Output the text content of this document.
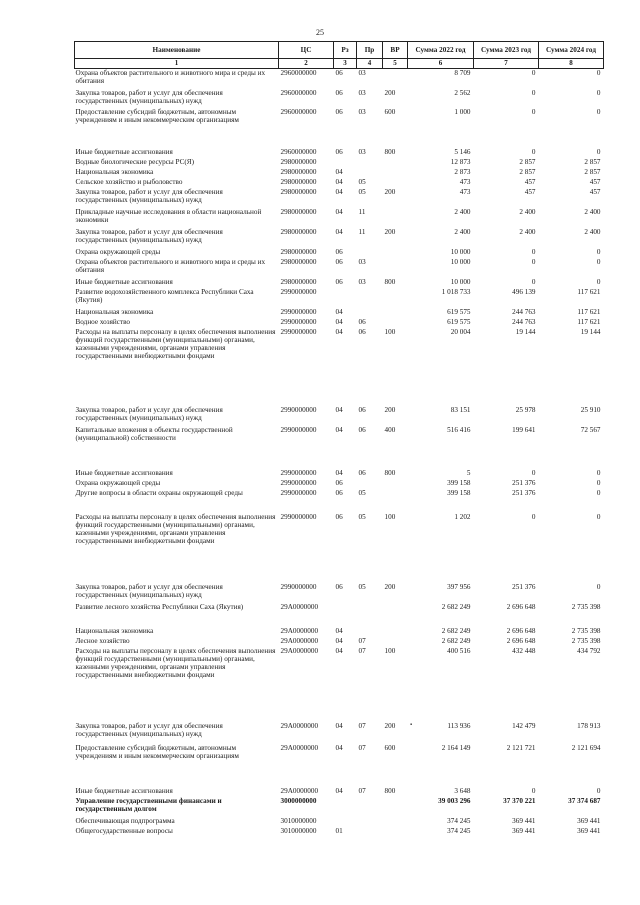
25
Наименование	ЦС	Рз	Пр	ВР	Сумма 2022 год	Сумма 2023 год	Сумма 2024 год
1	2	3	4	5	6	7	8
Охрана объектов растительного и животного мира и среды их обитания	2960000000	06	03		8 709	0	0
Закупка товаров, работ и услуг для обеспечения государственных (муниципальных) нужд	2960000000	06	03	200	2 562	0	0
Предоставление субсидий бюджетным, автономным учреждениям и иным некоммерческим организациям	2960000000	06	03	600	1 000	0	0
Иные бюджетные ассигнования	2960000000	06	03	800	5 146	0	0
Водные биологические ресурсы РС(Я)	2980000000				12 873	2 857	2 857
Национальная экономика	2980000000	04			2 873	2 857	2 857
Сельское хозяйство и рыболовство	2980000000	04	05		473	457	457
Закупка товаров, работ и услуг для обеспечения государственных (муниципальных) нужд	2980000000	04	05	200	473	457	457
Прикладные научные исследования в области национальной экономики	2980000000	04	11		2 400	2 400	2 400
Закупка товаров, работ и услуг для обеспечения государственных (муниципальных) нужд	2980000000	04	11	200	2 400	2 400	2 400
Охрана окружающей среды	2980000000	06			10 000	0	0
Охрана объектов растительного и животного мира и среды их обитания	2980000000	06	03		10 000	0	0
Иные бюджетные ассигнования	2980000000	06	03	800	10 000	0	0
Развитие водохозяйственного комплекса Республики Саха (Якутия)	2990000000				1 018 733	496 139	117 621
Национальная экономика	2990000000	04			619 575	244 763	117 621
Водное хозяйство	2990000000	04	06		619 575	244 763	117 621
Расходы на выплаты персоналу в целях обеспечения выполнения функций государственными (муниципальными) органами, казенными учреждениями, органами управления государственными внебюджетными фондами	2990000000	04	06	100	20 004	19 144	19 144
Закупка товаров, работ и услуг для обеспечения государственных (муниципальных) нужд	2990000000	04	06	200	83 151	25 978	25 910
Капитальные вложения в объекты государственной (муниципальной) собственности	2990000000	04	06	400	516 416	199 641	72 567
Иные бюджетные ассигнования	2990000000	04	06	800	5	0	0
Охрана окружающей среды	2990000000	06			399 158	251 376	0
Другие вопросы в области охраны окружающей среды	2990000000	06	05		399 158	251 376	0
Расходы на выплаты персоналу в целях обеспечения выполнения функций государственными (муниципальными) органами, казенными учреждениями, органами управления государственными внебюджетными фондами	2990000000	06	05	100	1 202	0	0
Закупка товаров, работ и услуг для обеспечения государственных (муниципальных) нужд	2990000000	06	05	200	397 956	251 376	0
Развитие лесного хозяйства Республики Саха (Якутия)	29A0000000				2 682 249	2 696 648	2 735 398
Национальная экономика	29A0000000	04			2 682 249	2 696 648	2 735 398
Лесное хозяйство	29A0000000	04	07		2 682 249	2 696 648	2 735 398
Расходы на выплаты персоналу в целях обеспечения выполнения функций государственными (муниципальными) органами, казенными учреждениями, органами управления государственными внебюджетными фондами	29A0000000	04	07	100	400 516	432 448	434 792
Закупка товаров, работ и услуг для обеспечения государственных (муниципальных) нужд	29A0000000	04	07	200	113 936	142 479	178 913
Предоставление субсидий бюджетным, автономным учреждениям и иным некоммерческим организациям	29A0000000	04	07	600	2 164 149	2 121 721	2 121 694
Иные бюджетные ассигнования	29A0000000	04	07	800	3 648	0	0
Управление государственными финансами и государственным долгом	3000000000				39 003 296	37 370 221	37 374 687
Обеспечивающая подпрограмма	3010000000				374 245	369 441	369 441
Общегосударственные вопросы	3010000000	01			374 245	369 441	369 441
▪
